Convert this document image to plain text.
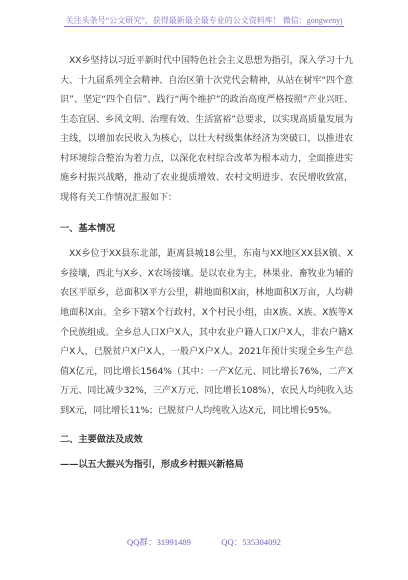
关注头条号“公文研究”，获得最新最全最专业的公文资料库！ 微信：gongwenyj

XX乡坚持以习近平新时代中国特色社会主义思想为指引，深入学习十九大、十九届系列全会精神、自治区第十次党代会精神，从站在树牢“四个意识”、坚定“四个自信”、践行“两个维护”的政治高度严格按照“产业兴旺、生态宜居、乡风文明、治理有效、生活富裕”总要求，以实现高质量发展为主线，以增加农民收入为核心，以壮大村级集体经济为突破口，以推进农村环境综合整治为着力点，以深化农村综合改革为根本动力，全面推进实施乡村振兴战略，推动了农业提质增效、农村文明进步、农民增收致富，现将有关工作情况汇报如下：

一、基本情况

XX乡位于XX县东北部，距离县城18公里，东南与XX地区XX县X镇、X乡接壤，西北与X乡、X农场接壤。是以农业为主，林果业、畜牧业为辅的农区平原乡，总面积X平方公里，耕地面积X亩，林地面积X万亩，人均耕地面积X亩。全乡下辖X个行政村，X个村民小组，由X族、X族、X族等X个民族组成。全乡总人口X户X人，其中农业户籍人口X户X人，非农户籍X户X人，已脱贫户X户X人，一般户X户X人。2021年预计实现全乡生产总值X亿元，同比增长1564%（其中：一产X亿元、同比增长76%，二产X万元、同比减少32%，三产X万元、同比增长108%），农民人均纯收入达到X元，同比增长11%；已脱贫户人均纯收入达X元，同比增长95%。

二、主要做法及成效

——以五大振兴为指引，形成乡村振兴新格局

QQ群：31991489	QQ：535304092
